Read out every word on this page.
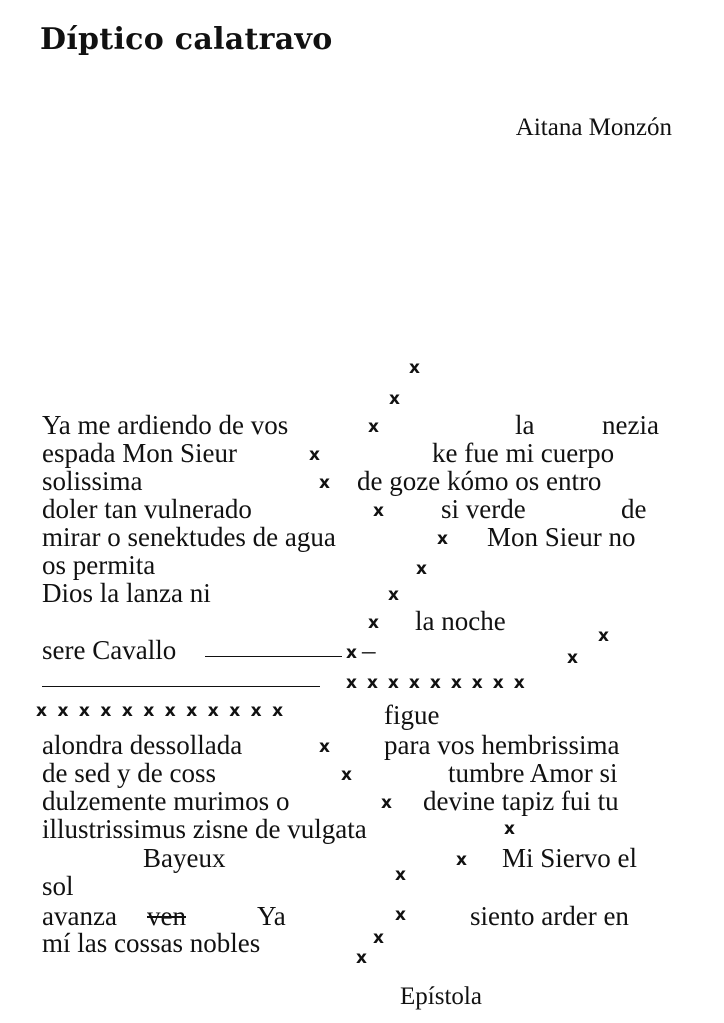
Díptico calatravo
Aitana Monzón
x
x
Ya me ardiendo de vos	x	la	nezia
espada Mon Sieur	x	ke fue mi cuerpo
solissima	x de goze kómo os entro
doler tan vulnerado	x si verde	de
mirar o senektudes de agua	x Mon Sieur no
os permita	x
Dios la lanza ni	x
x la noche
sere Cavallo	x –	x
x
xxxxxxxxx
xxxxxxxxxxxx	figue
alondra dessollada	x para vos hembrissima
de sed y de coss	x	tumbre Amor si
dulzemente murimos o	x devine tapiz fui tu
illustrissimus zisne de vulgata	x
Bayeux	x Mi Siervo el
sol	x
avanza ven	Ya	x siento arder en
mí las cossas nobles	x
x
Epístola
